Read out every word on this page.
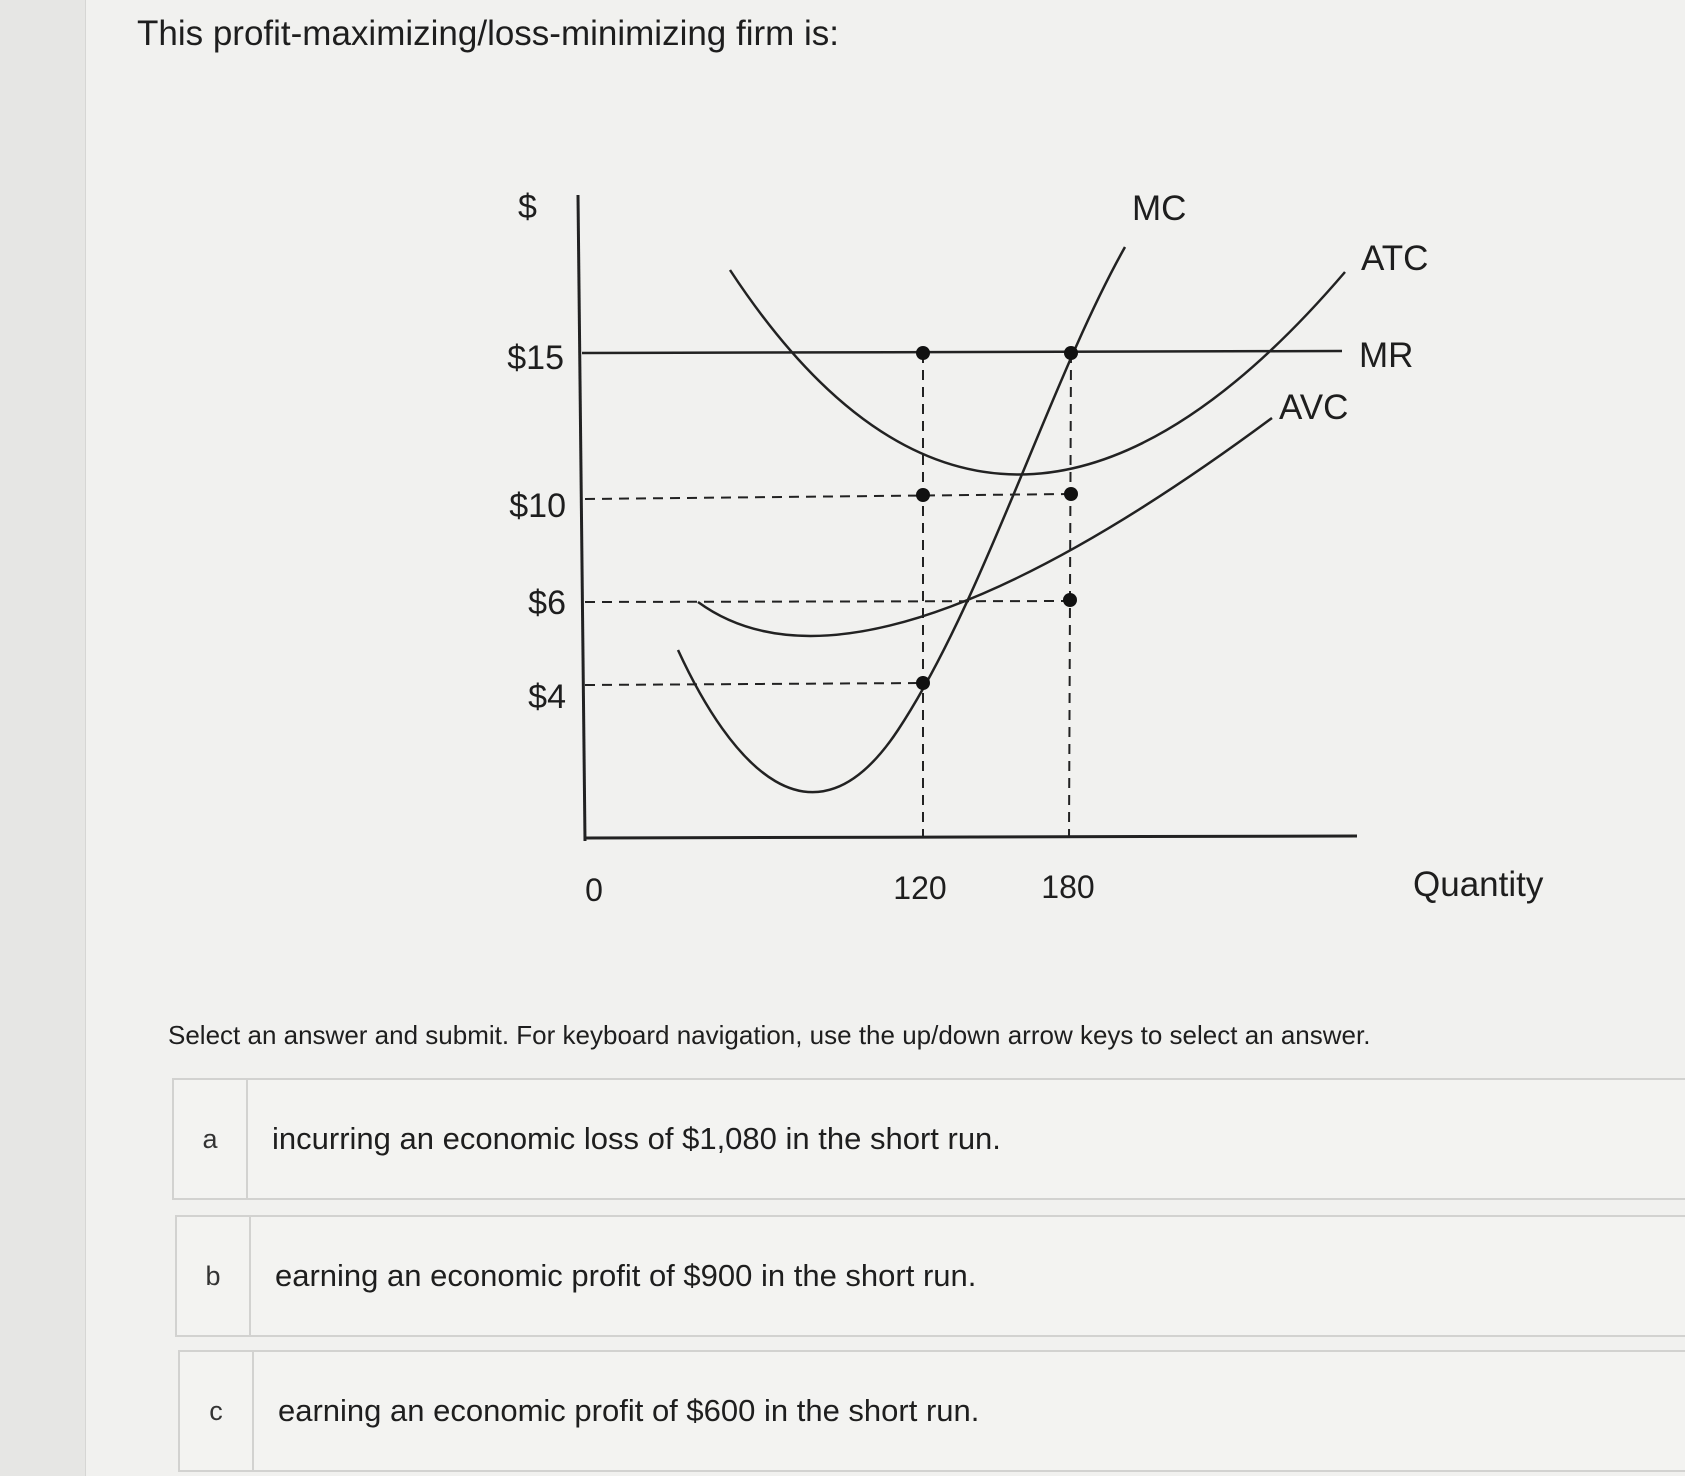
This profit-maximizing/loss-minimizing firm is:
$
$15
$10
$6
$4
0	120	180	Quantity
MC
ATC
MR
AVC
Select an answer and submit. For keyboard navigation, use the up/down arrow keys to select an answer.
a	incurring an economic loss of $1,080 in the short run.
b	earning an economic profit of $900 in the short run.
c	earning an economic profit of $600 in the short run.
